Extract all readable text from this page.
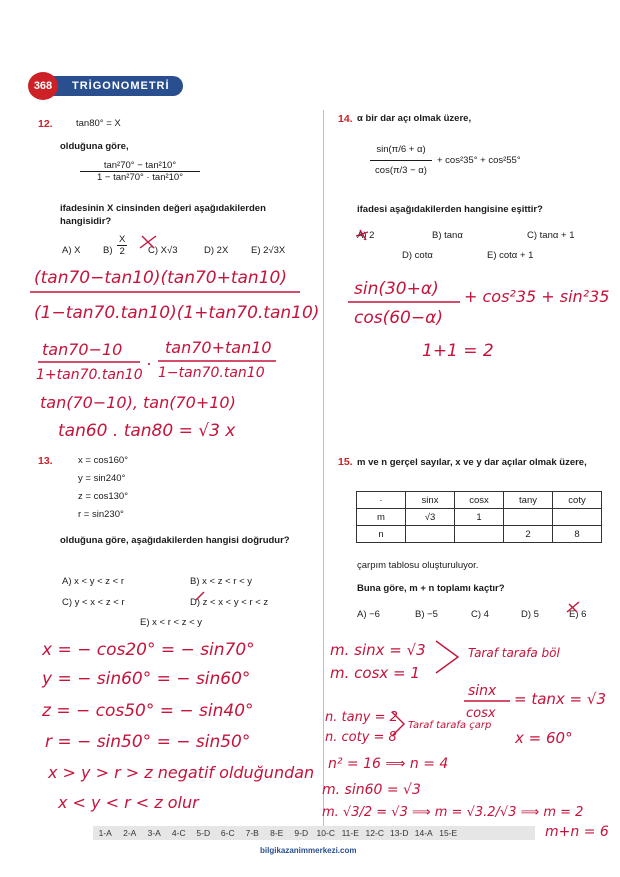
368	TRİGONOMETRİ
12. tan80° = X
olduğuna göre,
$\frac{\text{tan²70° − tan²10°}}{\text{1 − tan²70° · tan²10°}}$
ifadesinin X cinsinden değeri aşağıdakilerden hangisidir?
A) X $B) \frac{X}{2} C$) X√3	D) 2X E) 2√3X
13.	x = cos160°
y = sin240°
z = cos130°
r = sin230°
olduğuna göre, aşağıdakilerden hangisi doğrudur?
A) x < y < z < r	B) x < z < r < y
C) y < x < z < r	D) z < x < y < r < z
E) x < r < z < y
14. α bir dar açı olmak üzere,
$\frac{\sin(\pi/6 + \alpha)}{\cos(\pi/3 - \alpha)} + \cos^235^\circ + \cos^255^\circ$
ifadesi aşağıdakilerden hangisine eşittir?
A) 2	B) tanα	C) tanα + 1
D) cotα	E) cotα + 1
15. m ve n gerçel sayılar, x ve y dar açılar olmak üzere,
·	sinx	cosx	tany	coty
m	√3	1		
n			2	8
çarpım tablosu oluşturuluyor.
Buna göre, m + n toplamı kaçtır?
A) −6	B) −5	C) 4	D) 5	E) 6
(tan70−tan10)(tan70+tan10)
(1−tan70.tan10)(1+tan70.tan10)
tan70−10
1+tan70.tan10
.
tan70+tan10
1−tan70.tan10
tan(70−10), tan(70+10)
tan60 . tan80 = √3 x
sin(30+α)
cos(60−α)
+ cos²35 + sin²35
1+1 = 2
x = − cos20° = − sin70°
y = − sin60° = − sin60°
z = − cos50° = − sin40°
r = − sin50° = − sin50°
x > y > r > z negatif olduğundan
x < y < r < z olur
m. sinx = √3
m. cosx = 1
Taraf tarafa böl
sinx
cosx
= tanx = √3
n. tany = 2
n. coty = 8
Taraf tarafa çarp
x = 60°
n² = 16 ⟹ n = 4
m. sin60 = √3
m. √3/2 = √3 ⟹ m = √3.2/√3 ⟹ m = 2
m+n = 6
1-A 2-A 3-A 4-C 5-D 6-C 7-B 8-E 9-D 10-C 11-E 12-C 13-D 14-A 15-E
bilgikazanimmerkezi.com
